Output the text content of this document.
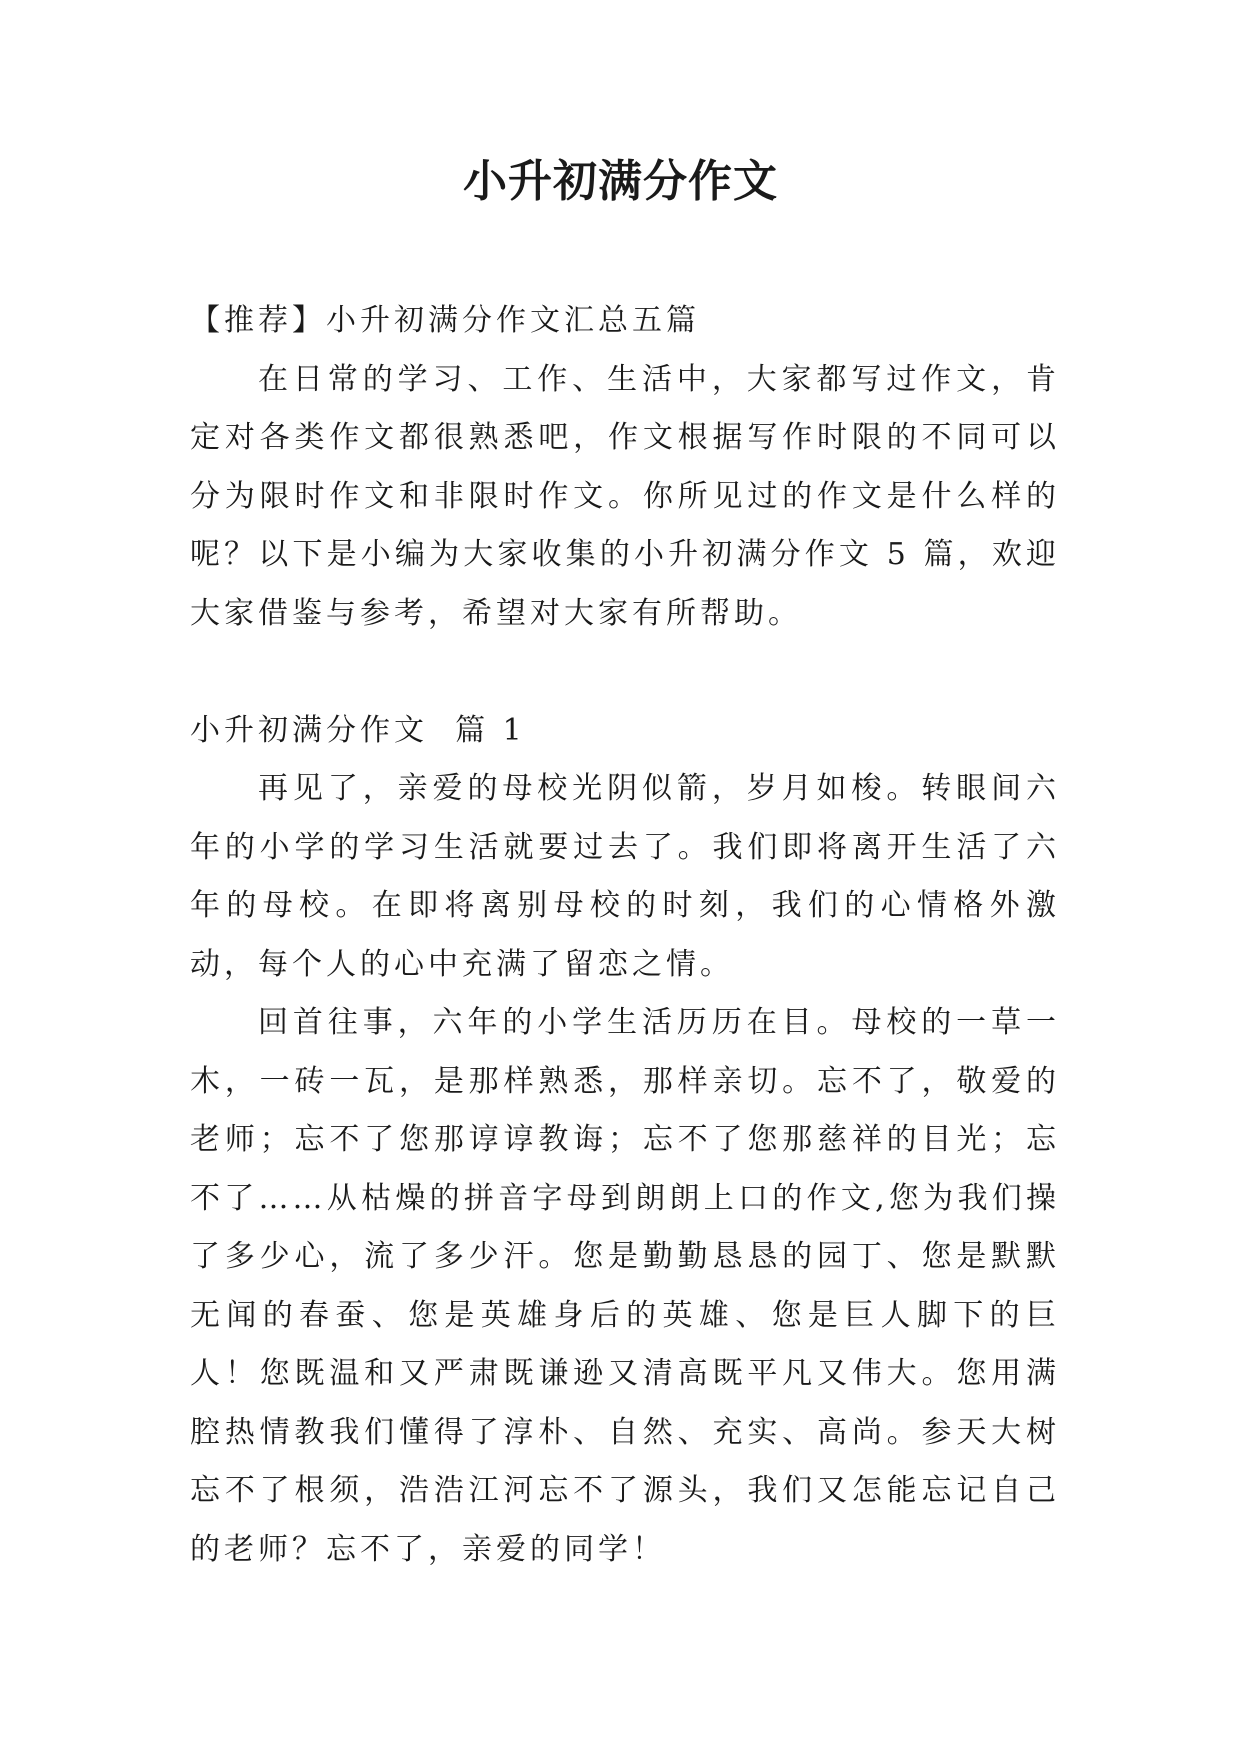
小升初满分作文

【推荐】小升初满分作文汇总五篇

在日常的学习、工作、生活中，大家都写过作文，肯定对各类作文都很熟悉吧，作文根据写作时限的不同可以分为限时作文和非限时作文。你所见过的作文是什么样的呢？以下是小编为大家收集的小升初满分作文 5 篇，欢迎大家借鉴与参考，希望对大家有所帮助。

小升初满分作文  篇 1

再见了，亲爱的母校光阴似箭，岁月如梭。转眼间六年的小学的学习生活就要过去了。我们即将离开生活了六年的母校。在即将离别母校的时刻，我们的心情格外激动，每个人的心中充满了留恋之情。

回首往事，六年的小学生活历历在目。母校的一草一木，一砖一瓦，是那样熟悉，那样亲切。忘不了，敬爱的老师；忘不了您那谆谆教诲；忘不了您那慈祥的目光；忘不了……从枯燥的拼音字母到朗朗上口的作文,您为我们操了多少心，流了多少汗。您是勤勤恳恳的园丁、您是默默无闻的春蚕、您是英雄身后的英雄、您是巨人脚下的巨人！您既温和又严肃既谦逊又清高既平凡又伟大。您用满腔热情教我们懂得了淳朴、自然、充实、高尚。参天大树忘不了根须，浩浩江河忘不了源头，我们又怎能忘记自己的老师？忘不了，亲爱的同学！
